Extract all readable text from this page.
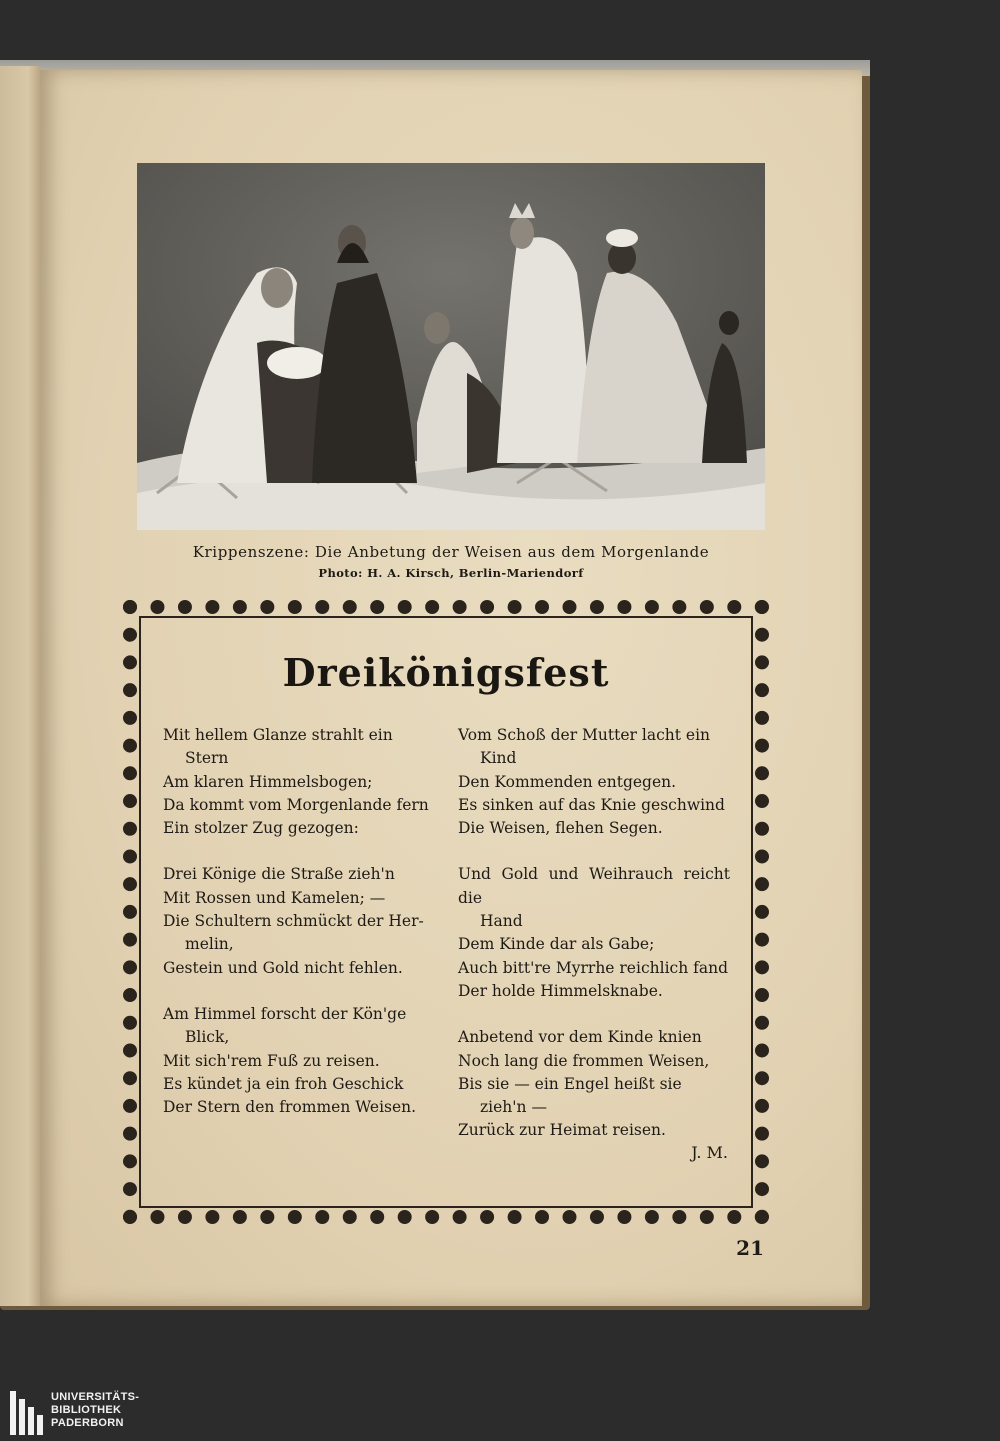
Krippenszene: Die Anbetung der Weisen aus dem Morgenlande
Photo: H. A. Kirsch, Berlin-Mariendorf
Dreikönigsfest
Mit hellem Glanze strahlt ein
Stern
Am klaren Himmelsbogen;
Da kommt vom Morgenlande fern
Ein stolzer Zug gezogen:
Drei Könige die Straße zieh'n
Mit Rossen und Kamelen; —
Die Schultern schmückt der Her-
melin,
Gestein und Gold nicht fehlen.
Am Himmel forscht der Kön'ge
Blick,
Mit sich'rem Fuß zu reisen.
Es kündet ja ein froh Geschick
Der Stern den frommen Weisen.
Vom Schoß der Mutter lacht ein
Kind
Den Kommenden entgegen.
Es sinken auf das Knie geschwind
Die Weisen, flehen Segen.
Und Gold und Weihrauch reicht die
Hand
Dem Kinde dar als Gabe;
Auch bitt're Myrrhe reichlich fand
Der holde Himmelsknabe.
Anbetend vor dem Kinde knien
Noch lang die frommen Weisen,
Bis sie — ein Engel heißt sie
zieh'n —
Zurück zur Heimat reisen.
J. M.
21
UNIVERSITÄTS-
BIBLIOTHEK
PADERBORN
